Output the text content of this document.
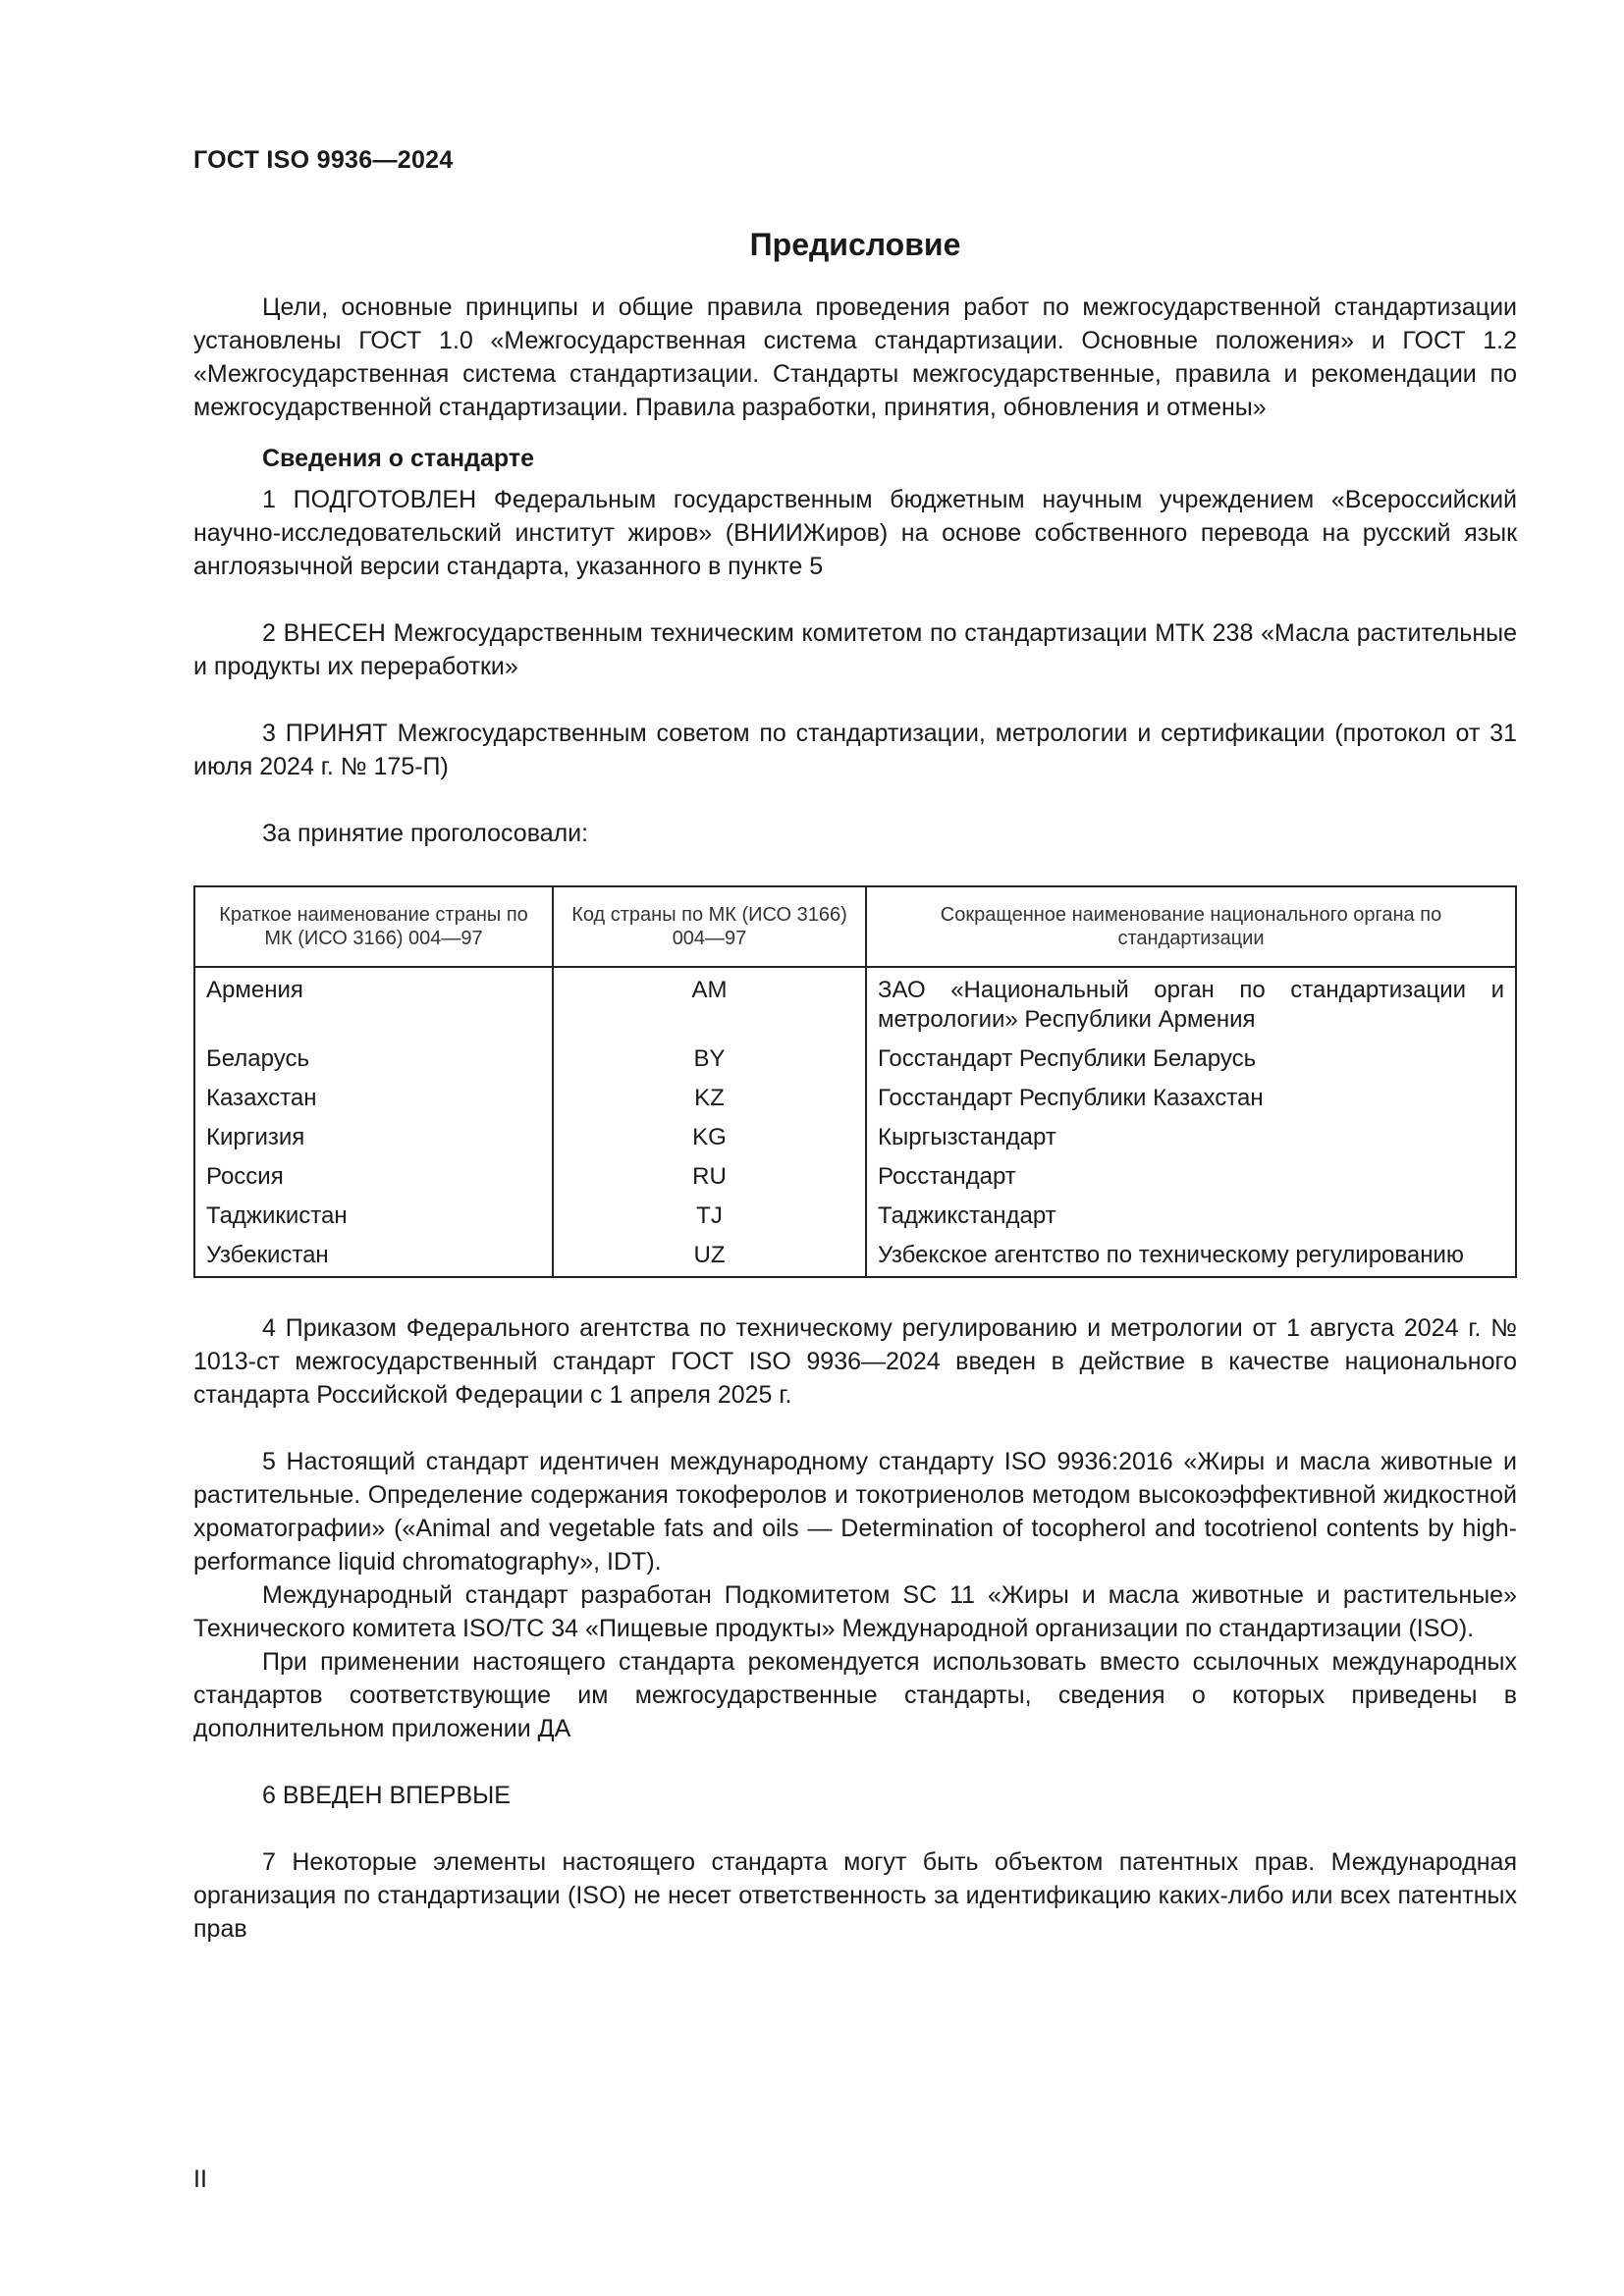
ГОСТ ISO 9936—2024
Предисловие

Цели, основные принципы и общие правила проведения работ по межгосударственной стандартизации установлены ГОСТ 1.0 «Межгосударственная система стандартизации. Основные положения» и ГОСТ 1.2 «Межгосударственная система стандартизации. Стандарты межгосударственные, правила и рекомендации по межгосударственной стандартизации. Правила разработки, принятия, обновления и отмены»

Сведения о стандарте

1 ПОДГОТОВЛЕН Федеральным государственным бюджетным научным учреждением «Всероссийский научно-исследовательский институт жиров» (ВНИИЖиров) на основе собственного перевода на русский язык англоязычной версии стандарта, указанного в пункте 5

2 ВНЕСЕН Межгосударственным техническим комитетом по стандартизации МТК 238 «Масла растительные и продукты их переработки»

3 ПРИНЯТ Межгосударственным советом по стандартизации, метрологии и сертификации (протокол от 31 июля 2024 г. № 175-П)

За принятие проголосовали:

Краткое наименование страны по МК (ИСО 3166) 004—97	Код страны по МК (ИСО 3166) 004—97	Сокращенное наименование национального органа по стандартизации
Армения	AM	ЗАО «Национальный орган по стандартизации и метрологии» Республики Армения
Беларусь	BY	Госстандарт Республики Беларусь
Казахстан	KZ	Госстандарт Республики Казахстан
Киргизия	KG	Кыргызстандарт
Россия	RU	Росстандарт
Таджикистан	TJ	Таджикстандарт
Узбекистан	UZ	Узбекское агентство по техническому регулированию

4 Приказом Федерального агентства по техническому регулированию и метрологии от 1 августа 2024 г. № 1013-ст межгосударственный стандарт ГОСТ ISO 9936—2024 введен в действие в качестве национального стандарта Российской Федерации с 1 апреля 2025 г.

5 Настоящий стандарт идентичен международному стандарту ISO 9936:2016 «Жиры и масла животные и растительные. Определение содержания токоферолов и токотриенолов методом высокоэффективной жидкостной хроматографии» («Animal and vegetable fats and oils — Determination of tocopherol and tocotrienol contents by high-performance liquid chromatography», IDT).

Международный стандарт разработан Подкомитетом SC 11 «Жиры и масла животные и растительные» Технического комитета ISO/TC 34 «Пищевые продукты» Международной организации по стандартизации (ISO).

При применении настоящего стандарта рекомендуется использовать вместо ссылочных международных стандартов соответствующие им межгосударственные стандарты, сведения о которых приведены в дополнительном приложении ДА

6 ВВЕДЕН ВПЕРВЫЕ

7 Некоторые элементы настоящего стандарта могут быть объектом патентных прав. Международная организация по стандартизации (ISO) не несет ответственность за идентификацию каких-либо или всех патентных прав

II
